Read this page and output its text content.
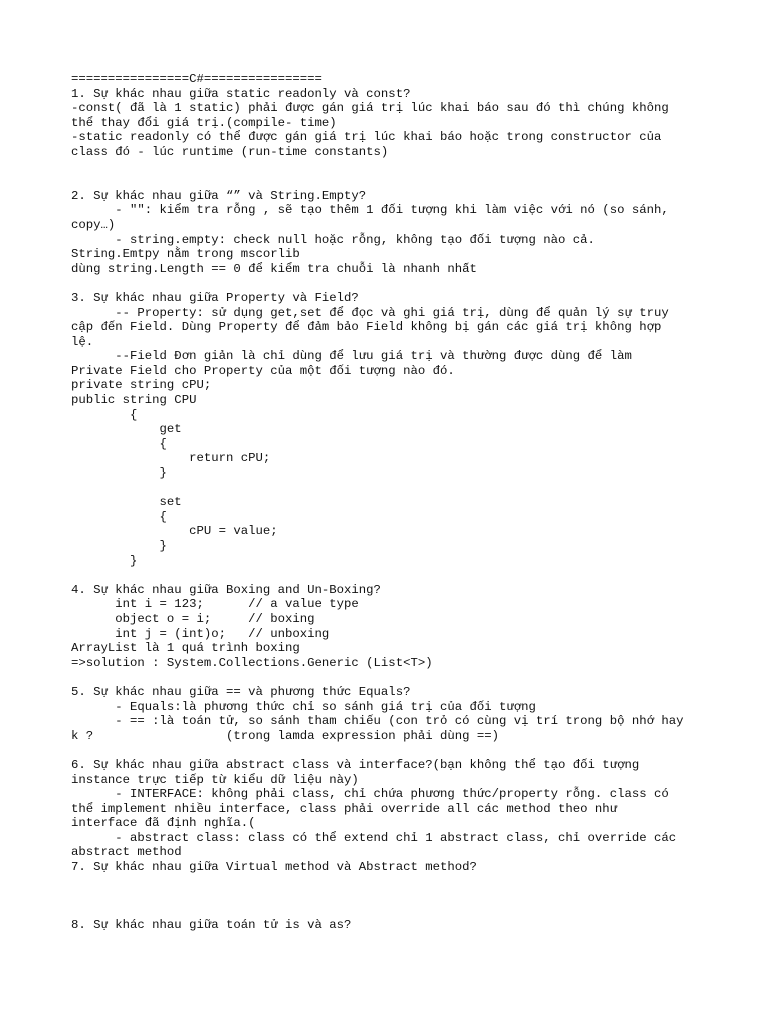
================C#================
1. Sự khác nhau giữa static readonly và const?
-const( đã là 1 static) phải được gán giá trị lúc khai báo sau đó thì chúng không
thể thay đổi giá trị.(compile- time)
-static readonly có thể được gán giá trị lúc khai báo hoặc trong constructor của
class đó - lúc runtime (run-time constants)
2. Sự khác nhau giữa “” và String.Empty?
- "": kiểm tra rỗng , sẽ tạo thêm 1 đối tượng khi làm việc với nó (so sánh,
copy…)
- string.empty: check null hoặc rỗng, không tạo đối tượng nào cả.
String.Emtpy nằm trong mscorlib
dùng string.Length == 0 để kiểm tra chuỗi là nhanh nhất
3. Sự khác nhau giữa Property và Field?
-- Property: sử dụng get,set để đọc và ghi giá trị, dùng để quản lý sự truy
cập đến Field. Dùng Property để đảm bảo Field không bị gán các giá trị không hợp
lệ.
--Field Đơn giản là chỉ dùng để lưu giá trị và thường được dùng để làm
Private Field cho Property của một đối tượng nào đó.
private string cPU;
public string CPU
{
get
{
return cPU;
}
set
{
cPU = value;
}
}
4. Sự khác nhau giữa Boxing and Un-Boxing?
int i = 123;      // a value type
object o = i;     // boxing
int j = (int)o;   // unboxing
ArrayList là 1 quá trình boxing
=>solution : System.Collections.Generic (List<T>)
5. Sự khác nhau giữa == và phương thức Equals?
- Equals:là phương thức chỉ so sánh giá trị của đối tượng
- == :là toán tử, so sánh tham chiếu (con trỏ có cùng vị trí trong bộ nhớ hay
k ?                  (trong lamda expression phải dùng ==)
6. Sự khác nhau giữa abstract class và interface?(bạn không thể tạo đối tượng
instance trực tiếp từ kiểu dữ liệu này)
- INTERFACE: không phải class, chỉ chứa phương thức/property rỗng. class có
thể implement nhiều interface, class phải override all các method theo như
interface đã định nghĩa.(
- abstract class: class có thể extend chỉ 1 abstract class, chỉ override các
abstract method
7. Sự khác nhau giữa Virtual method và Abstract method?
8. Sự khác nhau giữa toán tử is và as?
